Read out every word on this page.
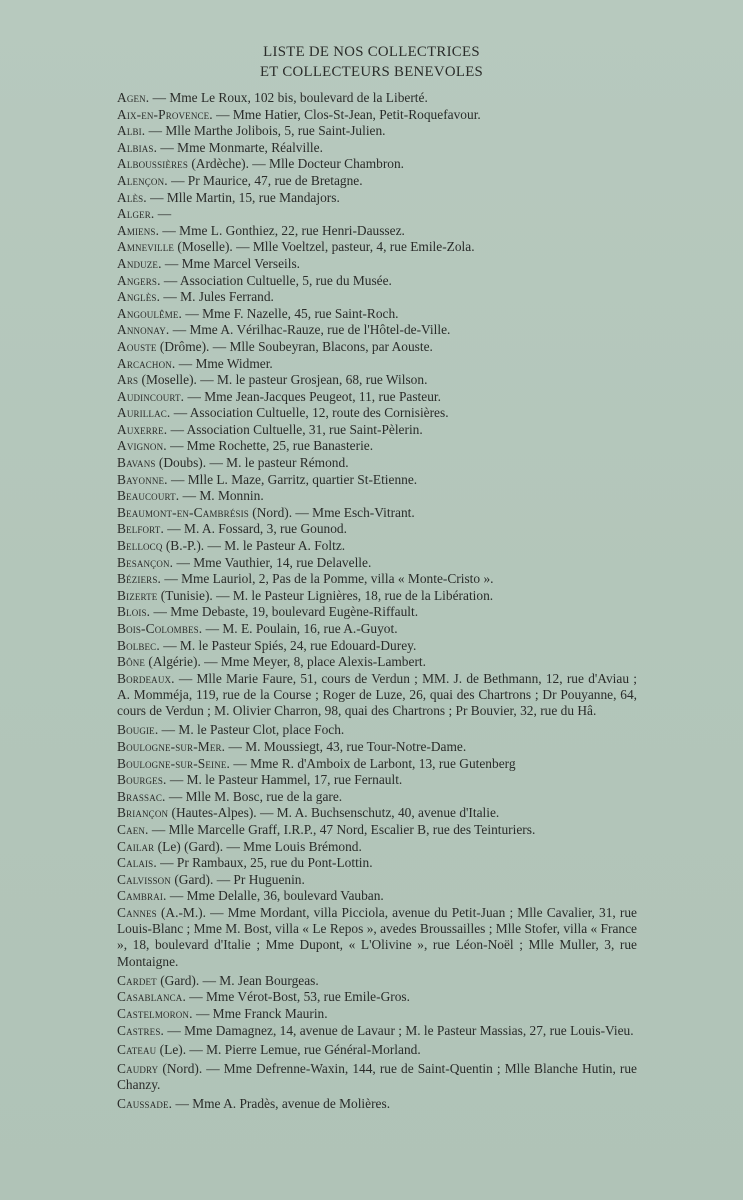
LISTE DE NOS COLLECTRICES
ET COLLECTEURS BENEVOLES
Agen. — Mme Le Roux, 102 bis, boulevard de la Liberté.
Aix-en-Provence. — Mme Hatier, Clos-St-Jean, Petit-Roquefavour.
Albi. — Mlle Marthe Jolibois, 5, rue Saint-Julien.
Albias. — Mme Monmarte, Réalville.
Alboussières (Ardèche). — Mlle Docteur Chambron.
Alençon. — Pr Maurice, 47, rue de Bretagne.
Alès. — Mlle Martin, 15, rue Mandajors.
Alger. —
Amiens. — Mme L. Gonthiez, 22, rue Henri-Daussez.
Amneville (Moselle). — Mlle Voeltzel, pasteur, 4, rue Emile-Zola.
Anduze. — Mme Marcel Verseils.
Angers. — Association Cultuelle, 5, rue du Musée.
Anglès. — M. Jules Ferrand.
Angoulême. — Mme F. Nazelle, 45, rue Saint-Roch.
Annonay. — Mme A. Vérilhac-Rauze, rue de l'Hôtel-de-Ville.
Aouste (Drôme). — Mlle Soubeyran, Blacons, par Aouste.
Arcachon. — Mme Widmer.
Ars (Moselle). — M. le pasteur Grosjean, 68, rue Wilson.
Audincourt. — Mme Jean-Jacques Peugeot, 11, rue Pasteur.
Aurillac. — Association Cultuelle, 12, route des Cornisières.
Auxerre. — Association Cultuelle, 31, rue Saint-Pèlerin.
Avignon. — Mme Rochette, 25, rue Banasterie.
Bavans (Doubs). — M. le pasteur Rémond.
Bayonne. — Mlle L. Maze, Garritz, quartier St-Etienne.
Beaucourt. — M. Monnin.
Beaumont-en-Cambrésis (Nord). — Mme Esch-Vitrant.
Belfort. — M. A. Fossard, 3, rue Gounod.
Bellocq (B.-P.). — M. le Pasteur A. Foltz.
Besançon. — Mme Vauthier, 14, rue Delavelle.
Béziers. — Mme Lauriol, 2, Pas de la Pomme, villa « Monte-Cristo ».
Bizerte (Tunisie). — M. le Pasteur Lignières, 18, rue de la Libération.
Blois. — Mme Debaste, 19, boulevard Eugène-Riffault.
Bois-Colombes. — M. E. Poulain, 16, rue A.-Guyot.
Bolbec. — M. le Pasteur Spiés, 24, rue Edouard-Durey.
Bône (Algérie). — Mme Meyer, 8, place Alexis-Lambert.
Bordeaux. — Mlle Marie Faure, 51, cours de Verdun ; MM. J. de Bethmann, 12, rue d'Aviau ; A. Momméja, 119, rue de la Course ; Roger de Luze, 26, quai des Chartrons ; Dr Pouyanne, 64, cours de Verdun ; M. Olivier Charron, 98, quai des Chartrons ; Pr Bouvier, 32, rue du Hâ.
Bougie. — M. le Pasteur Clot, place Foch.
Boulogne-sur-Mer. — M. Moussiegt, 43, rue Tour-Notre-Dame.
Boulogne-sur-Seine. — Mme R. d'Amboix de Larbont, 13, rue Gutenberg
Bourges. — M. le Pasteur Hammel, 17, rue Fernault.
Brassac. — Mlle M. Bosc, rue de la gare.
Briançon (Hautes-Alpes). — M. A. Buchsenschutz, 40, avenue d'Italie.
Caen. — Mlle Marcelle Graff, I.R.P., 47 Nord, Escalier B, rue des Teinturiers.
Cailar (Le) (Gard). — Mme Louis Brémond.
Calais. — Pr Rambaux, 25, rue du Pont-Lottin.
Calvisson (Gard). — Pr Huguenin.
Cambrai. — Mme Delalle, 36, boulevard Vauban.
Cannes (A.-M.). — Mme Mordant, villa Picciola, avenue du Petit-Juan ; Mlle Cavalier, 31, rue Louis-Blanc ; Mme M. Bost, villa « Le Repos », avedes Broussailles ; Mlle Stofer, villa « France », 18, boulevard d'Italie ; Mme Dupont, « L'Olivine », rue Léon-Noël ; Mlle Muller, 3, rue Montaigne.
Cardet (Gard). — M. Jean Bourgeas.
Casablanca. — Mme Vérot-Bost, 53, rue Emile-Gros.
Castelmoron. — Mme Franck Maurin.
Castres. — Mme Damagnez, 14, avenue de Lavaur ; M. le Pasteur Massias, 27, rue Louis-Vieu.
Cateau (Le). — M. Pierre Lemue, rue Général-Morland.
Caudry (Nord). — Mme Defrenne-Waxin, 144, rue de Saint-Quentin ; Mlle Blanche Hutin, rue Chanzy.
Caussade. — Mme A. Pradès, avenue de Molières.
